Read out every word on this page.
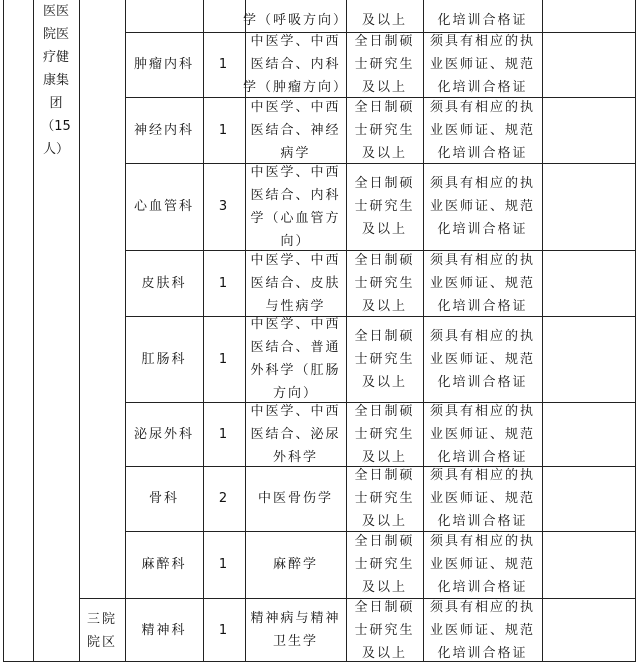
医医
院医
疗健
康集
团
（15
人）
三院
院区
学（呼吸方向） 及以上 化培训合格证
肿瘤内科 1
中医学、中西
医结合、内科
学（肿瘤方向）
全日制硕
士研究生
及以上
须具有相应的执
业医师证、规范
化培训合格证
神经内科 1
中医学、中西
医结合、神经
病学
全日制硕
士研究生
及以上
须具有相应的执
业医师证、规范
化培训合格证
心血管科 3
中医学、中西
医结合、内科
学（心血管方
向）
全日制硕
士研究生
及以上
须具有相应的执
业医师证、规范
化培训合格证
皮肤科 1
中医学、中西
医结合、皮肤
与性病学
全日制硕
士研究生
及以上
须具有相应的执
业医师证、规范
化培训合格证
肛肠科 1
中医学、中西
医结合、普通
外科学（肛肠
方向）
全日制硕
士研究生
及以上
须具有相应的执
业医师证、规范
化培训合格证
泌尿外科 1
中医学、中西
医结合、泌尿
外科学
全日制硕
士研究生
及以上
须具有相应的执
业医师证、规范
化培训合格证
骨科	2 中医骨伤学
全日制硕
士研究生
及以上
须具有相应的执
业医师证、规范
化培训合格证
麻醉科 1	麻醉学
全日制硕
士研究生
及以上
须具有相应的执
业医师证、规范
化培训合格证
精神科 1
精神病与精神
卫生学
全日制硕
士研究生
及以上
须具有相应的执
业医师证、规范
化培训合格证
